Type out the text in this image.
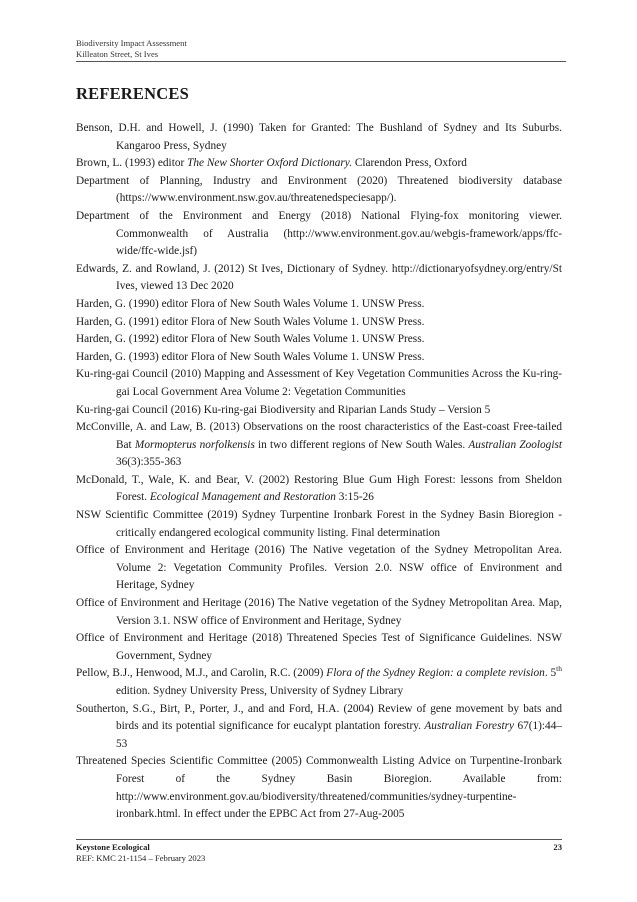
Biodiversity Impact Assessment
Killeaton Street, St Ives
REFERENCES
Benson, D.H. and Howell, J. (1990) Taken for Granted: The Bushland of Sydney and Its Suburbs. Kangaroo Press, Sydney
Brown, L. (1993) editor The New Shorter Oxford Dictionary. Clarendon Press, Oxford
Department of Planning, Industry and Environment (2020) Threatened biodiversity database (https://www.environment.nsw.gov.au/threatenedspeciesapp/).
Department of the Environment and Energy (2018) National Flying-fox monitoring viewer. Commonwealth of Australia (http://www.environment.gov.au/webgis-framework/apps/ffc-wide/ffc-wide.jsf)
Edwards, Z. and Rowland, J. (2012) St Ives, Dictionary of Sydney. http://dictionaryofsydney.org/entry/St Ives, viewed 13 Dec 2020
Harden, G. (1990) editor Flora of New South Wales Volume 1. UNSW Press.
Harden, G. (1991) editor Flora of New South Wales Volume 1. UNSW Press.
Harden, G. (1992) editor Flora of New South Wales Volume 1. UNSW Press.
Harden, G. (1993) editor Flora of New South Wales Volume 1. UNSW Press.
Ku-ring-gai Council (2010) Mapping and Assessment of Key Vegetation Communities Across the Ku-ring-gai Local Government Area Volume 2: Vegetation Communities
Ku-ring-gai Council (2016) Ku-ring-gai Biodiversity and Riparian Lands Study – Version 5
McConville, A. and Law, B. (2013) Observations on the roost characteristics of the East-coast Free-tailed Bat Mormopterus norfolkensis in two different regions of New South Wales. Australian Zoologist 36(3):355-363
McDonald, T., Wale, K. and Bear, V. (2002) Restoring Blue Gum High Forest: lessons from Sheldon Forest. Ecological Management and Restoration 3:15-26
NSW Scientific Committee (2019) Sydney Turpentine Ironbark Forest in the Sydney Basin Bioregion - critically endangered ecological community listing. Final determination
Office of Environment and Heritage (2016) The Native vegetation of the Sydney Metropolitan Area. Volume 2: Vegetation Community Profiles. Version 2.0. NSW office of Environment and Heritage, Sydney
Office of Environment and Heritage (2016) The Native vegetation of the Sydney Metropolitan Area. Map, Version 3.1. NSW office of Environment and Heritage, Sydney
Office of Environment and Heritage (2018) Threatened Species Test of Significance Guidelines. NSW Government, Sydney
Pellow, B.J., Henwood, M.J., and Carolin, R.C. (2009) Flora of the Sydney Region: a complete revision. 5th edition. Sydney University Press, University of Sydney Library
Southerton, S.G., Birt, P., Porter, J., and and Ford, H.A. (2004) Review of gene movement by bats and birds and its potential significance for eucalypt plantation forestry. Australian Forestry 67(1):44–53
Threatened Species Scientific Committee (2005) Commonwealth Listing Advice on Turpentine-Ironbark Forest of the Sydney Basin Bioregion. Available from: http://www.environment.gov.au/biodiversity/threatened/communities/sydney-turpentine-ironbark.html. In effect under the EPBC Act from 27-Aug-2005
Keystone Ecological
REF: KMC 21-1154 – February 2023
23
